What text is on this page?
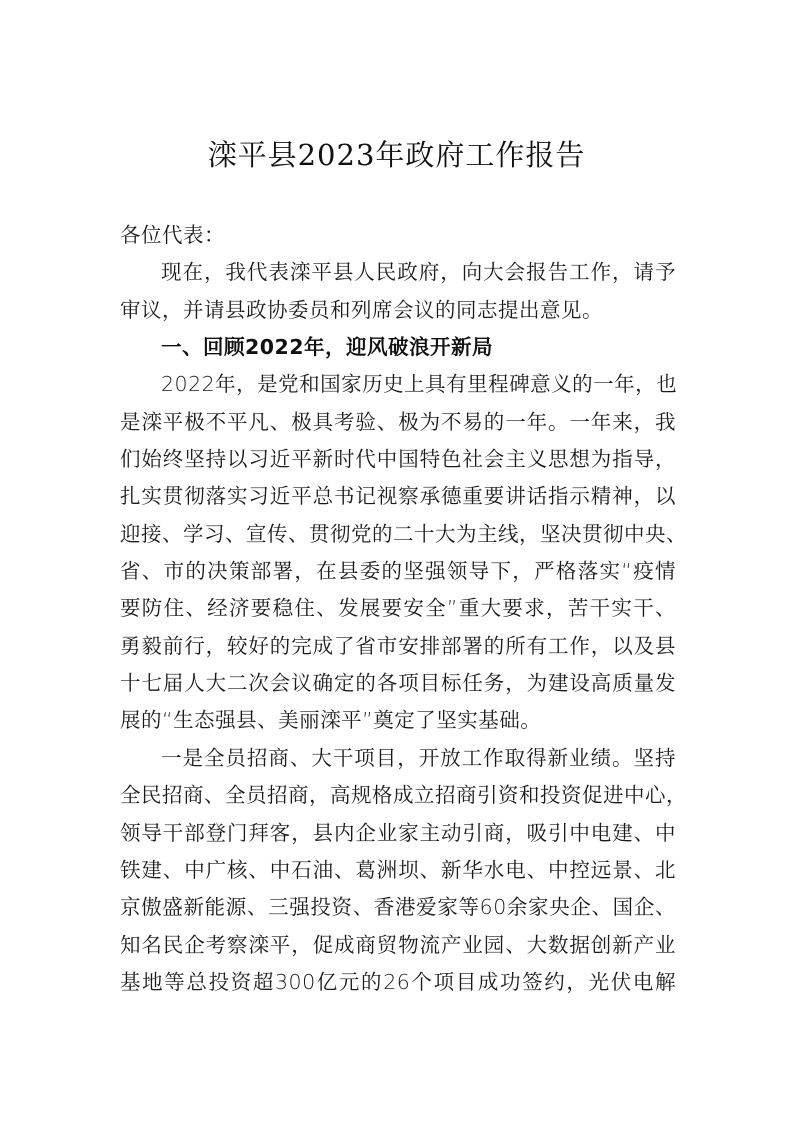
滦平县2023年政府工作报告
各位代表：
现在，我代表滦平县人民政府，向大会报告工作，请予
审议，并请县政协委员和列席会议的同志提出意见。
一、回顾2022年，迎风破浪开新局
2022年，是党和国家历史上具有里程碑意义的一年，也
是滦平极不平凡、极具考验、极为不易的一年。一年来，我
们始终坚持以习近平新时代中国特色社会主义思想为指导，
扎实贯彻落实习近平总书记视察承德重要讲话指示精神，以
迎接、学习、宣传、贯彻党的二十大为主线，坚决贯彻中央、
省、市的决策部署，在县委的坚强领导下，严格落实“疫情
要防住、经济要稳住、发展要安全”重大要求，苦干实干、
勇毅前行，较好的完成了省市安排部署的所有工作，以及县
十七届人大二次会议确定的各项目标任务，为建设高质量发
展的“生态强县、美丽滦平”奠定了坚实基础。
一是全员招商、大干项目，开放工作取得新业绩。坚持
全民招商、全员招商，高规格成立招商引资和投资促进中心，
领导干部登门拜客，县内企业家主动引商，吸引中电建、中
铁建、中广核、中石油、葛洲坝、新华水电、中控远景、北
京傲盛新能源、三强投资、香港爱家等60余家央企、国企、
知名民企考察滦平，促成商贸物流产业园、大数据创新产业
基地等总投资超300亿元的26个项目成功签约，光伏电解
